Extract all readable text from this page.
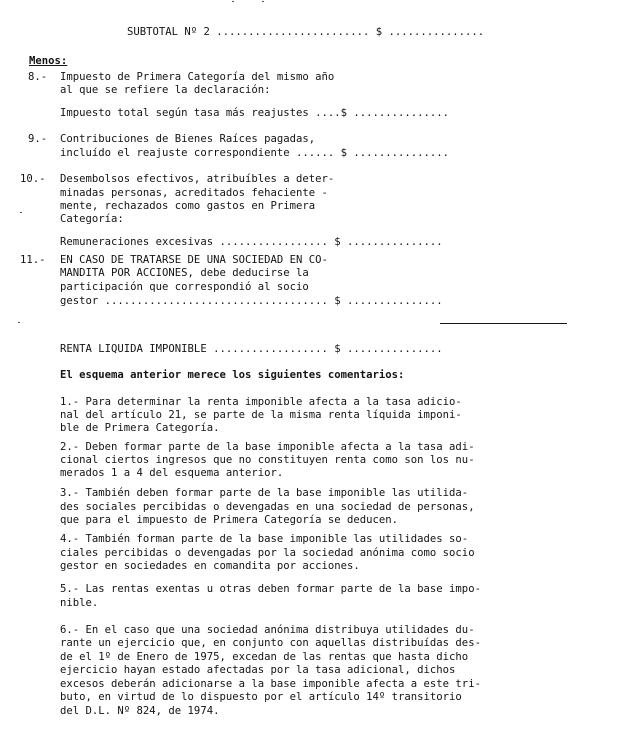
SUBTOTAL Nº 2 ........................ $ ...............
Menos:
8.- Impuesto de Primera Categoría del mismo año
al que se refiere la declaración:
Impuesto total según tasa más reajustes ....$ ...............
9.- Contribuciones de Bienes Raíces pagadas,
incluído el reajuste correspondiente ...... $ ...............
10.- Desembolsos efectivos, atribuíbles a deter-
minadas personas, acreditados fehaciente -
mente, rechazados como gastos en Primera
Categoría:
Remuneraciones excesivas ................. $ ...............
11.- EN CASO DE TRATARSE DE UNA SOCIEDAD EN CO-
MANDITA POR ACCIONES, debe deducirse la
participación que correspondió al socio
gestor ................................... $ ...............
RENTA LIQUIDA IMPONIBLE .................. $ ...............
El esquema anterior merece los siguientes comentarios:
1.- Para determinar la renta imponible afecta a la tasa adicio-
nal del artículo 21, se parte de la misma renta líquida imponi-
ble de Primera Categoría.
2.- Deben formar parte de la base imponible afecta a la tasa adi-
cional ciertos ingresos que no constituyen renta como son los nu-
merados 1 a 4 del esquema anterior.
3.- También deben formar parte de la base imponible las utilida-
des sociales percibidas o devengadas en una sociedad de personas,
que para el impuesto de Primera Categoría se deducen.
4.- También forman parte de la base imponible las utilidades so-
ciales percibidas o devengadas por la sociedad anónima como socio
gestor en sociedades en comandita por acciones.
5.- Las rentas exentas u otras deben formar parte de la base impo-
nible.
6.- En el caso que una sociedad anónima distribuya utilidades du-
rante un ejercicio que, en conjunto con aquellas distribuídas des-
de el 1º de Enero de 1975, excedan de las rentas que hasta dicho
ejercicio hayan estado afectadas por la tasa adicional, dichos
excesos deberán adicionarse a la base imponible afecta a este tri-
buto, en virtud de lo dispuesto por el artículo 14º transitorio
del D.L. Nº 824, de 1974.
